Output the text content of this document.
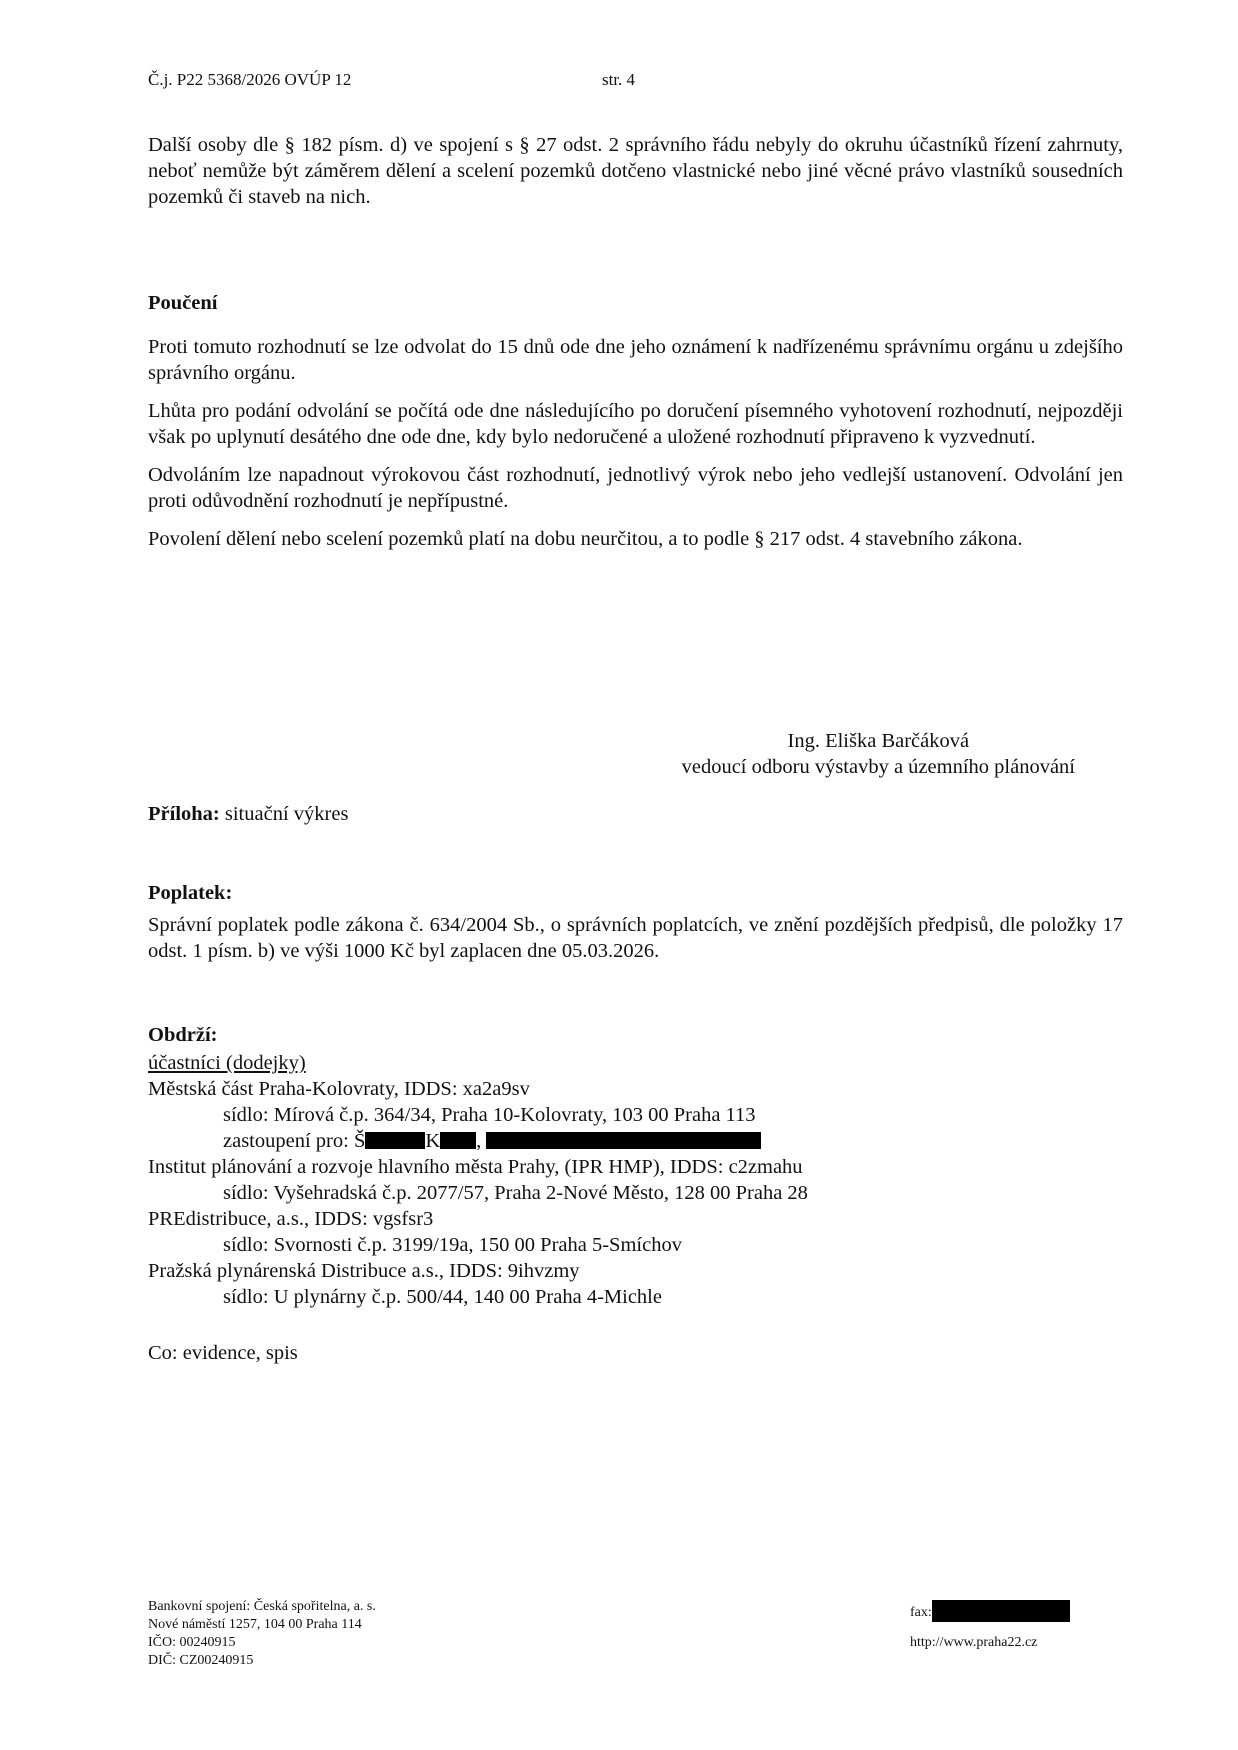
Č.j. P22 5368/2026 OVÚP 12	str. 4

Další osoby dle § 182 písm. d) ve spojení s § 27 odst. 2 správního řádu nebyly do okruhu účastníků řízení zahrnuty, neboť nemůže být záměrem dělení a scelení pozemků dotčeno vlastnické nebo jiné věcné právo vlastníků sousedních pozemků či staveb na nich.

Poučení

Proti tomuto rozhodnutí se lze odvolat do 15 dnů ode dne jeho oznámení k nadřízenému správnímu orgánu u zdejšího správního orgánu.

Lhůta pro podání odvolání se počítá ode dne následujícího po doručení písemného vyhotovení rozhodnutí, nejpozději však po uplynutí desátého dne ode dne, kdy bylo nedoručené a uložené rozhodnutí připraveno k vyzvednutí.

Odvoláním lze napadnout výrokovou část rozhodnutí, jednotlivý výrok nebo jeho vedlejší ustanovení. Odvolání jen proti odůvodnění rozhodnutí je nepřípustné.

Povolení dělení nebo scelení pozemků platí na dobu neurčitou, a to podle § 217 odst. 4 stavebního zákona.

Ing. Eliška Barčáková
vedoucí odboru výstavby a územního plánování
Příloha: situační výkres
Poplatek:

Správní poplatek podle zákona č. 634/2004 Sb., o správních poplatcích, ve znění pozdějších předpisů, dle položky 17 odst. 1 písm. b) ve výši 1000 Kč byl zaplacen dne 05.03.2026.

Obdrží:
účastníci (dodejky)
Městská část Praha-Kolovraty, IDDS: xa2a9sv
sídlo: Mírová č.p. 364/34, Praha 10-Kolovraty, 103 00 Praha 113
zastoupení pro: Š	K ,
Institut plánování a rozvoje hlavního města Prahy, (IPR HMP), IDDS: c2zmahu
sídlo: Vyšehradská č.p. 2077/57, Praha 2-Nové Město, 128 00 Praha 28
PREdistribuce, a.s., IDDS: vgsfsr3
sídlo: Svornosti č.p. 3199/19a, 150 00 Praha 5-Smíchov
Pražská plynárenská Distribuce a.s., IDDS: 9ihvzmy
sídlo: U plynárny č.p. 500/44, 140 00 Praha 4-Michle
Co: evidence, spis
Bankovní spojení: Česká spořitelna, a. s.
Nové náměstí 1257, 104 00 Praha 114
IČO: 00240915
DIČ: CZ00240915
fax:
http://www.praha22.cz
